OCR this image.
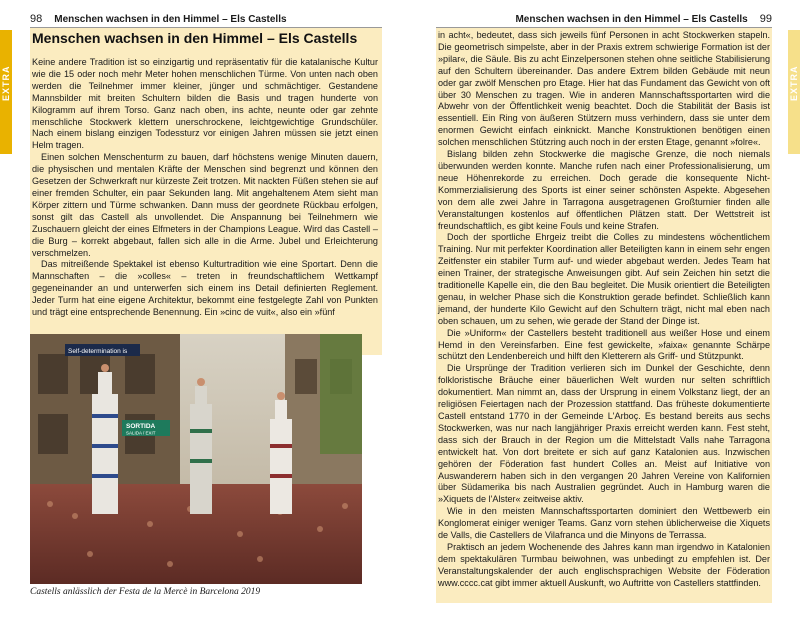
98 Menschen wachsen in den Himmel – Els Castells
EXTRA
Menschen wachsen in den Himmel – Els Castells

Keine andere Tradition ist so einzigartig und repräsentativ für die katalanische Kultur wie die 15 oder noch mehr Meter hohen menschlichen Türme. Von unten nach oben werden die Teilnehmer immer kleiner, jünger und schmächtiger. Gestandene Mannsbilder mit breiten Schultern bilden die Basis und tragen hunderte von Kilogramm auf ihrem Torso. Ganz nach oben, ins achte, neunte oder gar zehnte menschliche Stockwerk klettern unerschrockene, leichtgewichtige Grundschüler. Nach einem bislang einzigen Todessturz vor einigen Jahren müssen sie jetzt einen Helm tragen.

Einen solchen Menschenturm zu bauen, darf höchstens wenige Minuten dauern, die physischen und mentalen Kräfte der Menschen sind begrenzt und können den Gesetzen der Schwerkraft nur kürzeste Zeit trotzen. Mit nackten Füßen stehen sie auf einer fremden Schulter, ein paar Sekunden lang. Mit angehaltenem Atem sieht man Körper zittern und Türme schwanken. Dann muss der geordnete Rückbau erfolgen, sonst gilt das Castell als unvollendet. Die Anspannung bei Teilnehmern wie Zuschauern gleicht der eines Elfmeters in der Champions League. Wird das Castell – die Burg – korrekt abgebaut, fallen sich alle in die Arme. Jubel und Erleichterung verschmelzen.

Das mitreißende Spektakel ist ebenso Kulturtradition wie eine Sportart. Denn die Mannschaften – die »colles« – treten in freundschaftlichem Wettkampf gegeneinander an und unterwerfen sich einem ins Detail definierten Reglement. Jeder Turm hat eine eigene Architektur, bekommt eine festgelegte Zahl von Punkten und trägt eine entsprechende Benennung. Ein »cinc de vuit«, also ein »fünf

Self-determination is
SORTIDA
SALIDA / EXIT
Castells anlässlich der Festa de la Mercè in Barcelona 2019
Menschen wachsen in den Himmel – Els Castells 99
EXTRA

in acht«, bedeutet, dass sich jeweils fünf Personen in acht Stockwerken stapeln. Die geometrisch simpelste, aber in der Praxis extrem schwierige Formation ist der »pilar«, die Säule. Bis zu acht Einzelpersonen stehen ohne seitliche Stabilisierung auf den Schultern übereinander. Das andere Extrem bilden Gebäude mit neun oder gar zwölf Menschen pro Etage. Hier hat das Fundament das Gewicht von oft über 30 Menschen zu tragen. Wie in anderen Mannschaftssportarten wird die Abwehr von der Öffentlichkeit wenig beachtet. Doch die Stabilität der Basis ist essentiell. Ein Ring von äußeren Stützern muss verhindern, dass sie unter dem enormen Gewicht einfach einknickt. Manche Konstruktionen benötigen einen solchen menschlichen Stützring auch noch in der ersten Etage, genannt »folre«.

Bislang bilden zehn Stockwerke die magische Grenze, die noch niemals überwunden werden konnte. Manche rufen nach einer Professionalisierung, um neue Höhenrekorde zu erreichen. Doch gerade die konsequente Nicht-Kommerzialisierung des Sports ist einer seiner schönsten Aspekte. Abgesehen von dem alle zwei Jahre in Tarragona ausgetragenen Großturnier finden alle Veranstaltungen kostenlos auf öffentlichen Plätzen statt. Der Wettstreit ist freundschaftlich, es gibt keine Fouls und keine Strafen.

Doch der sportliche Ehrgeiz treibt die Colles zu mindestens wöchentlichem Training. Nur mit perfekter Koordination aller Beteiligten kann in einem sehr engen Zeitfenster ein stabiler Turm auf- und wieder abgebaut werden. Jedes Team hat einen Trainer, der strategische Anweisungen gibt. Auf sein Zeichen hin setzt die traditionelle Kapelle ein, die den Bau begleitet. Die Musik orientiert die Beteiligten genau, in welcher Phase sich die Konstruktion gerade befindet. Schließlich kann jemand, der hunderte Kilo Gewicht auf den Schultern trägt, nicht mal eben nach oben schauen, um zu sehen, wie gerade der Stand der Dinge ist.

Die »Uniform« der Castellers besteht traditionell aus weißer Hose und einem Hemd in den Vereinsfarben. Eine fest gewickelte, »faixa« genannte Schärpe schützt den Lendenbereich und hilft den Kletterern als Griff- und Stützpunkt.

Die Ursprünge der Tradition verlieren sich im Dunkel der Geschichte, denn folkloristische Bräuche einer bäuerlichen Welt wurden nur selten schriftlich dokumentiert. Man nimmt an, dass der Ursprung in einem Volkstanz liegt, der an religiösen Feiertagen nach der Prozession stattfand. Das früheste dokumentierte Castell entstand 1770 in der Gemeinde L'Arboç. Es bestand bereits aus sechs Stockwerken, was nur nach langjähriger Praxis erreicht werden kann. Fest steht, dass sich der Brauch in der Region um die Mittelstadt Valls nahe Tarragona entwickelt hat. Von dort breitete er sich auf ganz Katalonien aus. Inzwischen gehören der Föderation fast hundert Colles an. Meist auf Initiative von Auswanderern haben sich in den vergangen 20 Jahren Vereine von Kalifornien über Südamerika bis nach Australien gegründet. Auch in Hamburg waren die »Xiquets de l'Alster« zeitweise aktiv.

Wie in den meisten Mannschaftssportarten dominiert den Wettbewerb ein Konglomerat einiger weniger Teams. Ganz vorn stehen üblicherweise die Xiquets de Valls, die Castellers de Vilafranca und die Minyons de Terrassa.

Praktisch an jedem Wochenende des Jahres kann man irgendwo in Katalonien dem spektakulären Turmbau beiwohnen, was unbedingt zu empfehlen ist. Der Veranstaltungskalender der auch englischsprachigen Website der Föderation www.cccc.cat gibt immer aktuell Auskunft, wo Auftritte von Castellers stattfinden.
